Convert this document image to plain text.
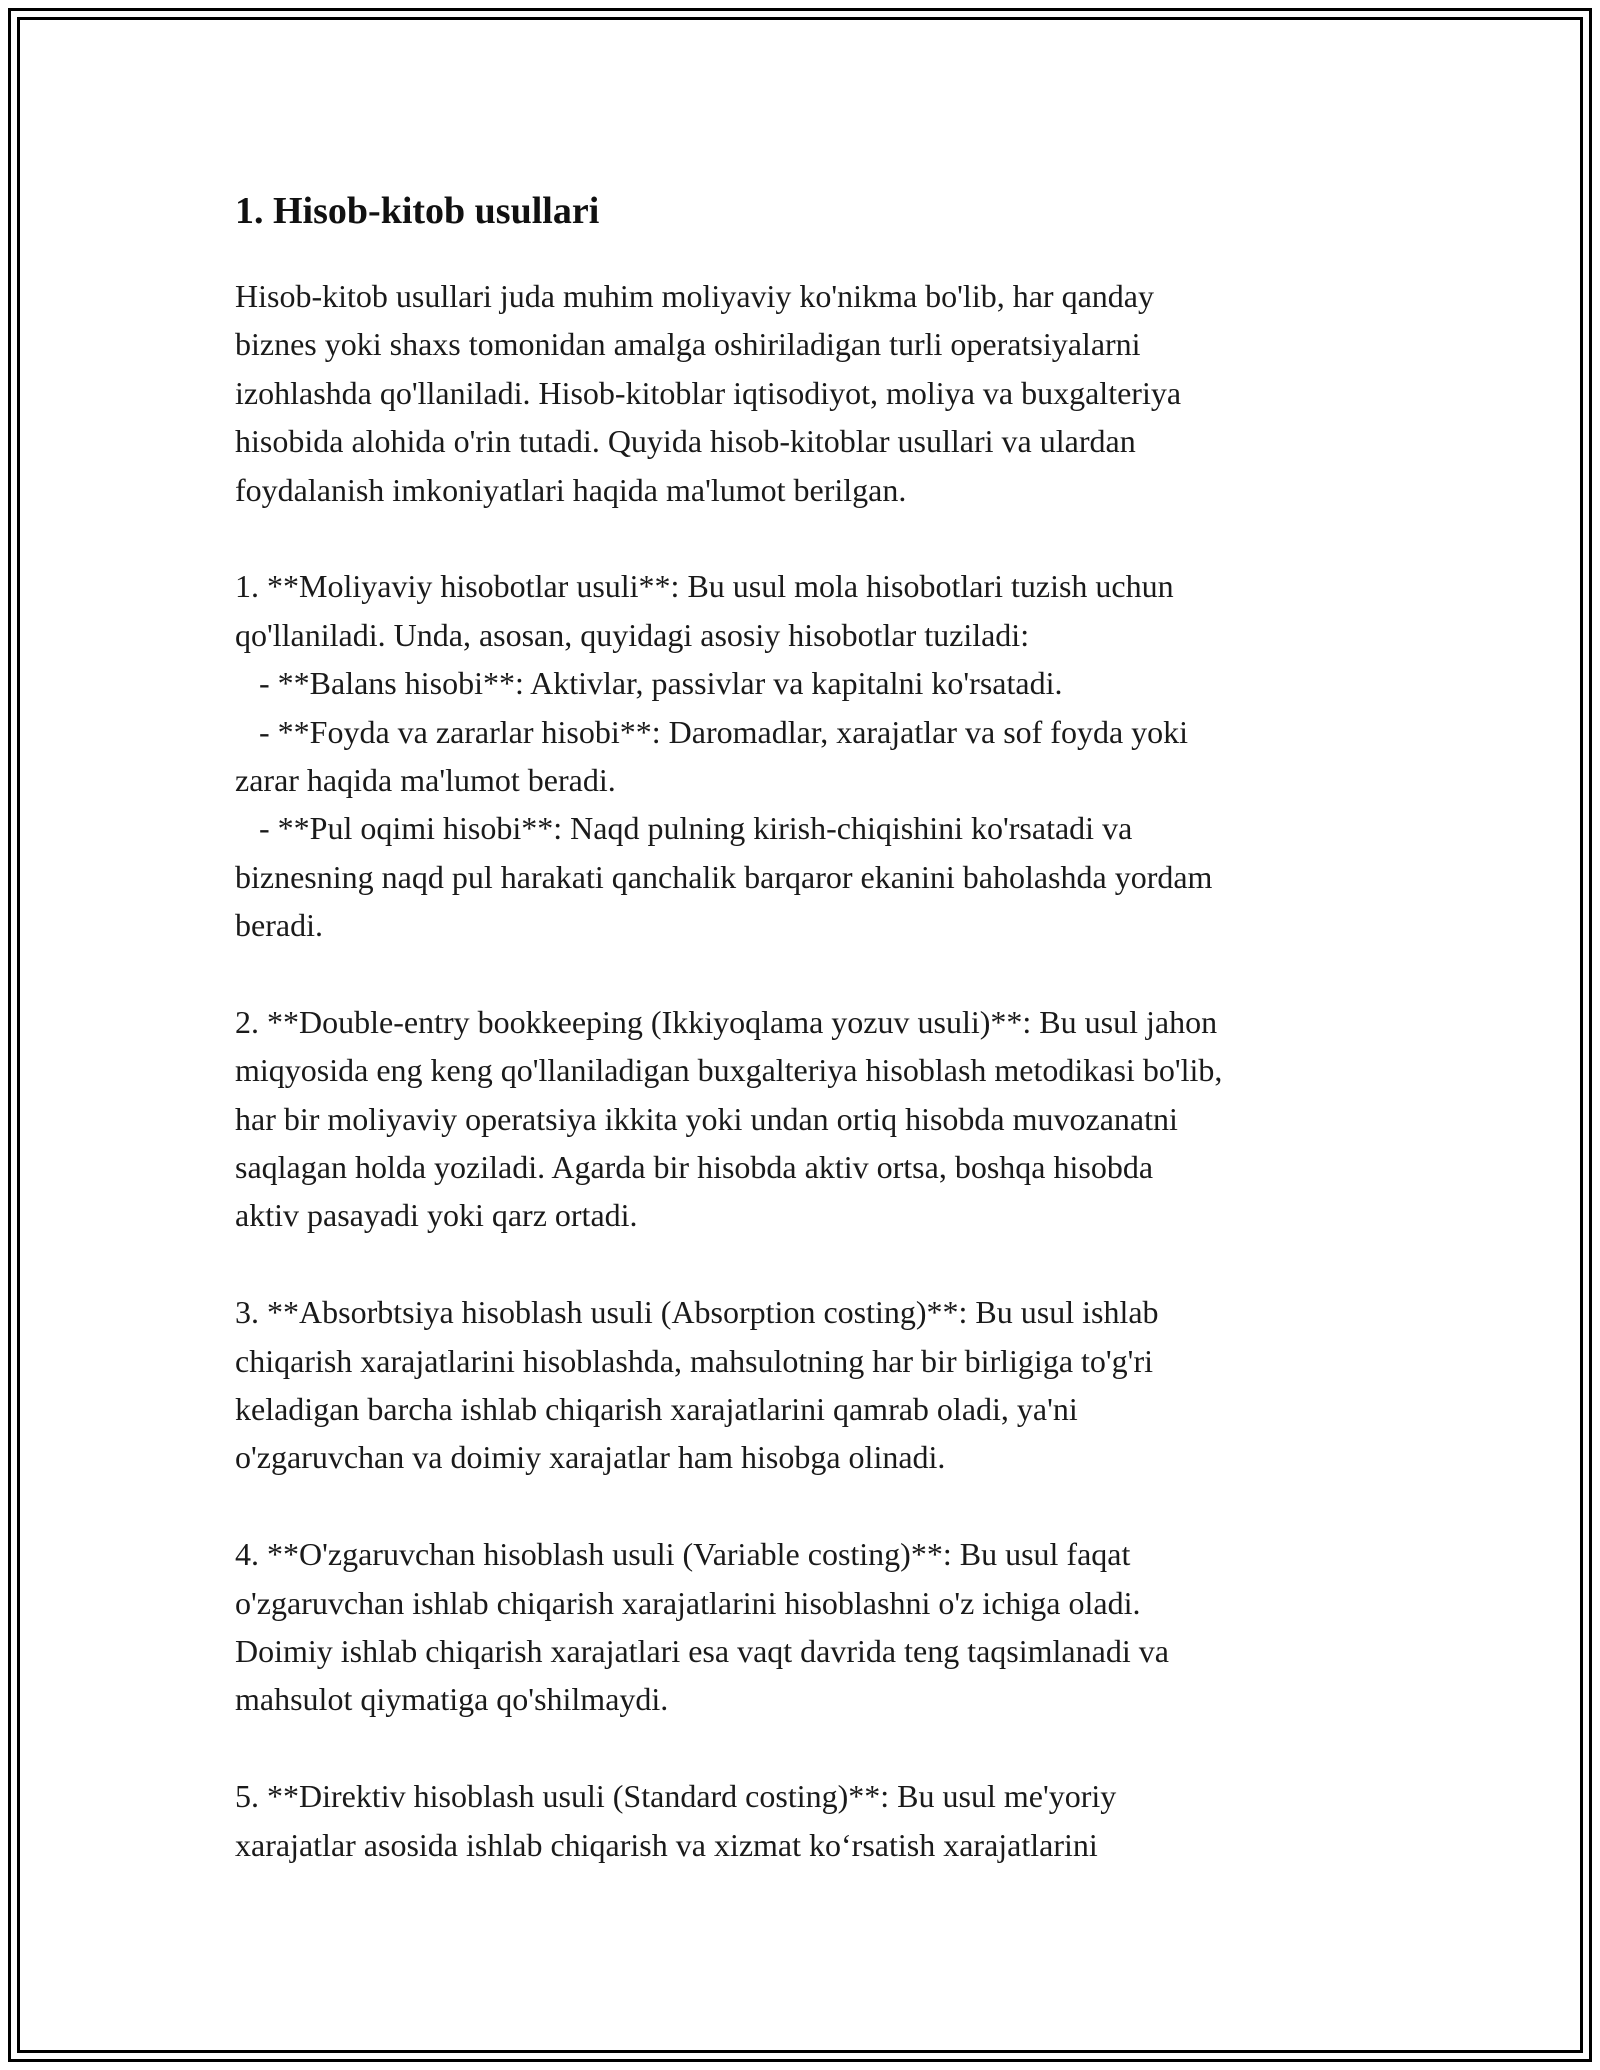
1. Hisob-kitob usullari
Hisob-kitob usullari juda muhim moliyaviy ko'nikma bo'lib, har qanday
biznes yoki shaxs tomonidan amalga oshiriladigan turli operatsiyalarni
izohlashda qo'llaniladi. Hisob-kitoblar iqtisodiyot, moliya va buxgalteriya
hisobida alohida o'rin tutadi. Quyida hisob-kitoblar usullari va ulardan
foydalanish imkoniyatlari haqida ma'lumot berilgan.
1. **Moliyaviy hisobotlar usuli**: Bu usul mola hisobotlari tuzish uchun
qo'llaniladi. Unda, asosan, quyidagi asosiy hisobotlar tuziladi:
- **Balans hisobi**: Aktivlar, passivlar va kapitalni ko'rsatadi.
- **Foyda va zararlar hisobi**: Daromadlar, xarajatlar va sof foyda yoki
zarar haqida ma'lumot beradi.
- **Pul oqimi hisobi**: Naqd pulning kirish-chiqishini ko'rsatadi va
biznesning naqd pul harakati qanchalik barqaror ekanini baholashda yordam
beradi.
2. **Double-entry bookkeeping (Ikkiyoqlama yozuv usuli)**: Bu usul jahon
miqyosida eng keng qo'llaniladigan buxgalteriya hisoblash metodikasi bo'lib,
har bir moliyaviy operatsiya ikkita yoki undan ortiq hisobda muvozanatni
saqlagan holda yoziladi. Agarda bir hisobda aktiv ortsa, boshqa hisobda
aktiv pasayadi yoki qarz ortadi.
3. **Absorbtsiya hisoblash usuli (Absorption costing)**: Bu usul ishlab
chiqarish xarajatlarini hisoblashda, mahsulotning har bir birligiga to'g'ri
keladigan barcha ishlab chiqarish xarajatlarini qamrab oladi, ya'ni
o'zgaruvchan va doimiy xarajatlar ham hisobga olinadi.
4. **O'zgaruvchan hisoblash usuli (Variable costing)**: Bu usul faqat
o'zgaruvchan ishlab chiqarish xarajatlarini hisoblashni o'z ichiga oladi.
Doimiy ishlab chiqarish xarajatlari esa vaqt davrida teng taqsimlanadi va
mahsulot qiymatiga qo'shilmaydi.
5. **Direktiv hisoblash usuli (Standard costing)**: Bu usul me'yoriy
xarajatlar asosida ishlab chiqarish va xizmat ko‘rsatish xarajatlarini
